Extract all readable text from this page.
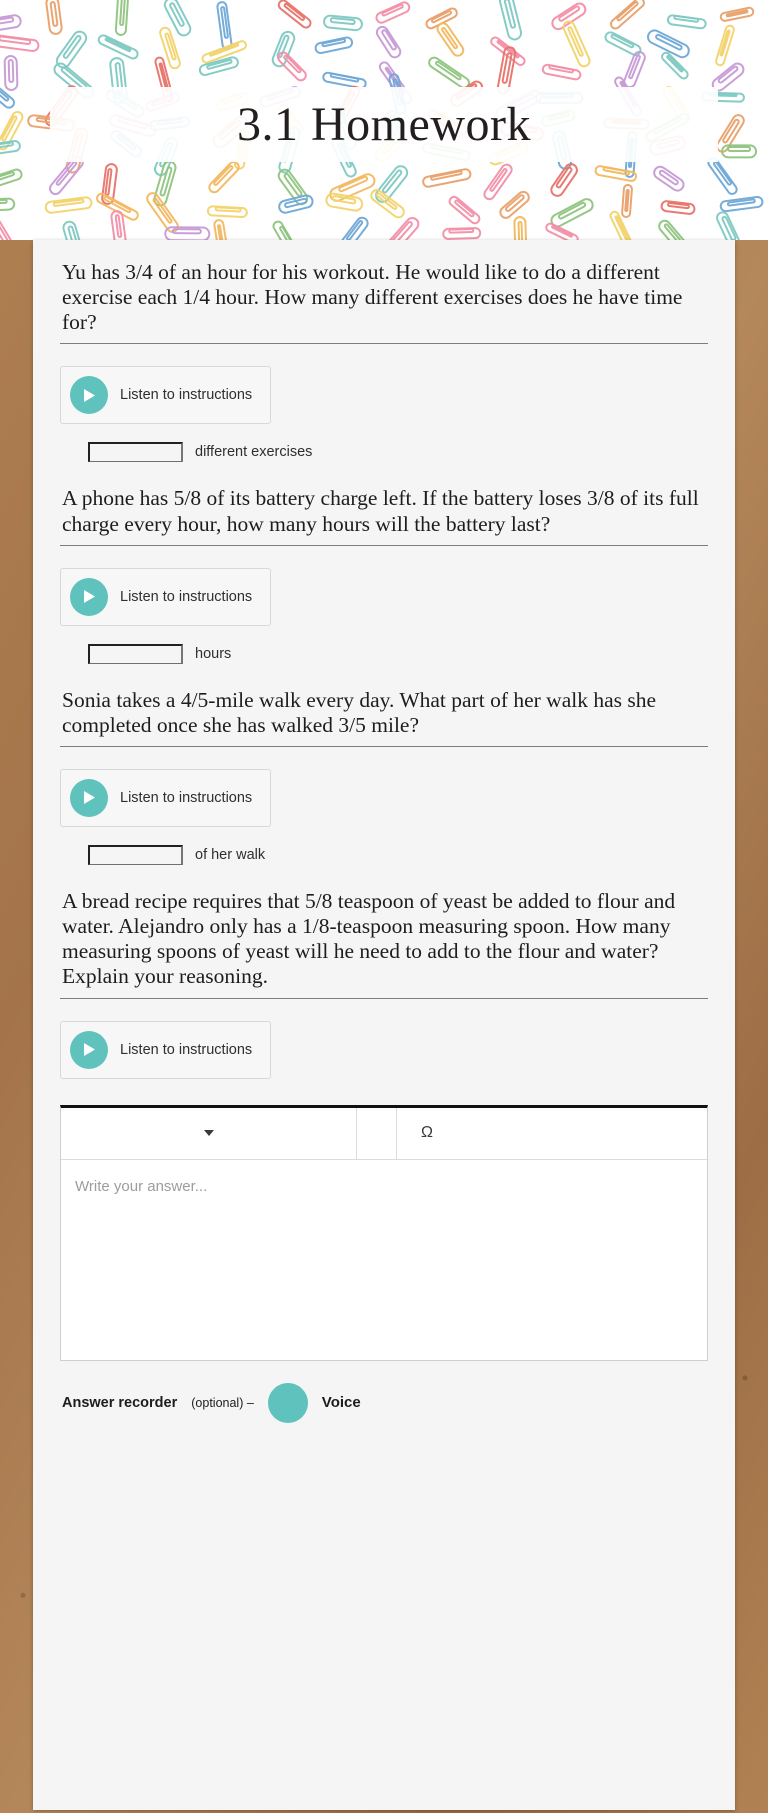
3.1 Homework

Yu has 3/4 of an hour for his workout. He would like to do a different exercise each 1/4 hour. How many different exercises does he have time for?

Listen to instructions
different exercises

A phone has 5/8 of its battery charge left. If the battery loses 3/8 of its full charge every hour, how many hours will the battery last?

Listen to instructions
hours

Sonia takes a 4/5-mile walk every day. What part of her walk has she completed once she has walked 3/5 mile?

Listen to instructions
of her walk

A bread recipe requires that 5/8 teaspoon of yeast be added to flour and water. Alejandro only has a 1/8-teaspoon measuring spoon. How many measuring spoons of yeast will he need to add to the flour and water? Explain your reasoning.

Listen to instructions
Ω
Write your answer...
Answer recorder (optional) –	Voice
